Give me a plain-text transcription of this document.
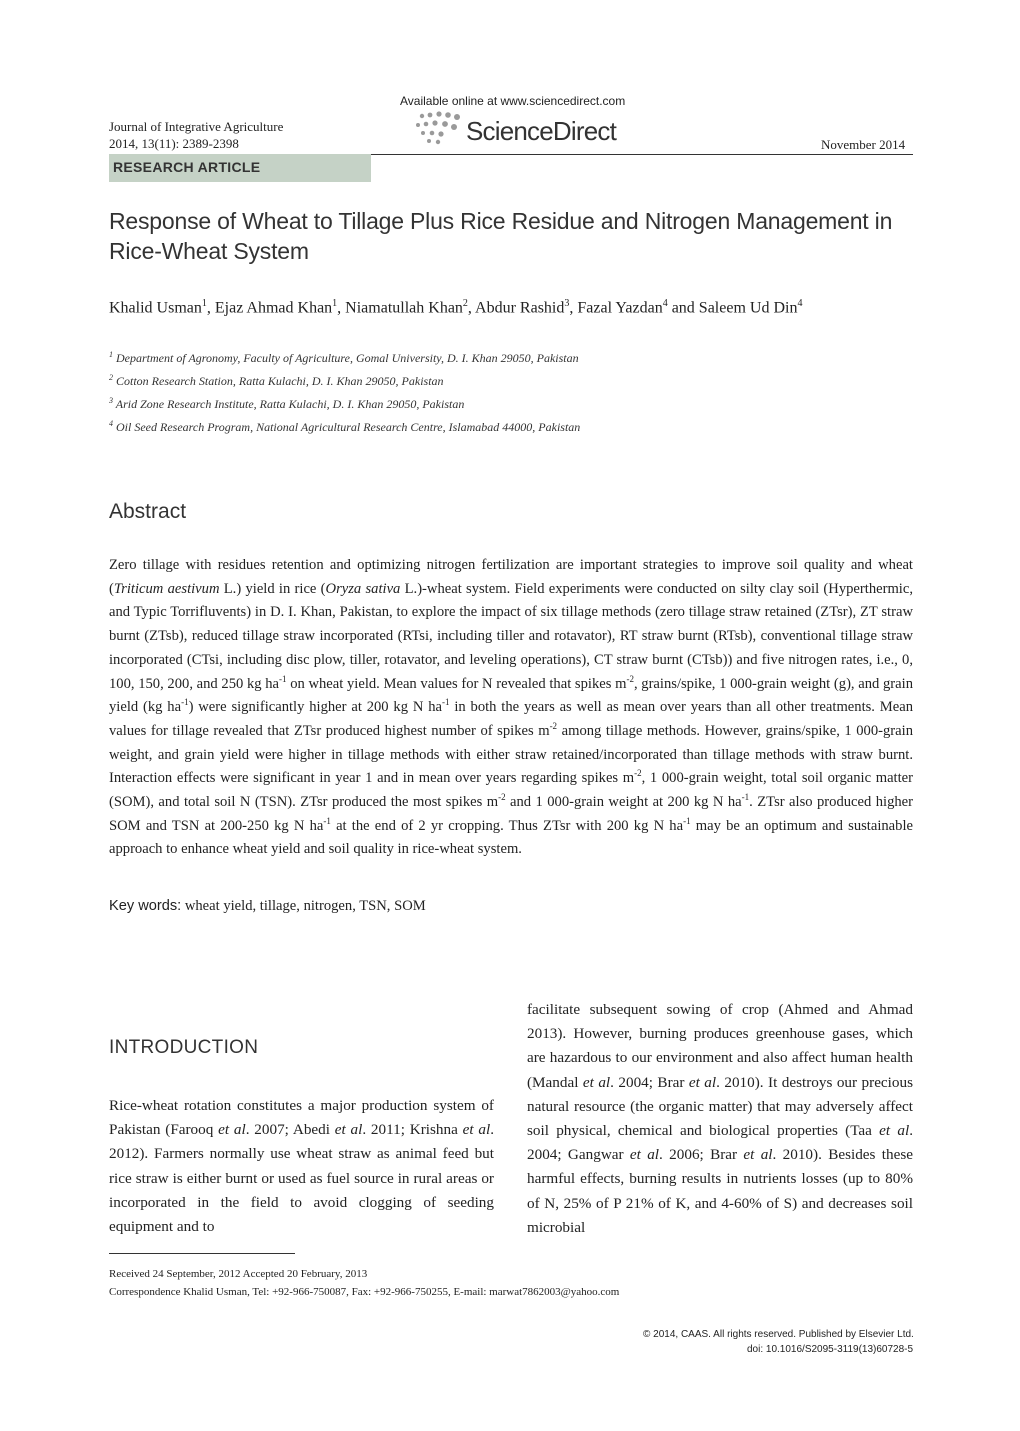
Available online at www.sciencedirect.com
Journal of Integrative Agriculture
2014, 13(11): 2389-2398	ScienceDirect	November 2014
RESEARCH ARTICLE
Response of Wheat to Tillage Plus Rice Residue and Nitrogen Management in Rice-Wheat System
Khalid Usman$^1$, Ejaz Ahmad Khan$^1$, Niamatullah Khan$^2$, Abdur Rashid$^3$, Fazal Yazdan$^4$ and Saleem Ud Din$^4$
$^1$ Department of Agronomy, Faculty of Agriculture, Gomal University, D. I. Khan 29050, Pakistan
$^2$ Cotton Research Station, Ratta Kulachi, D. I. Khan 29050, Pakistan
$^3$ Arid Zone Research Institute, Ratta Kulachi, D. I. Khan 29050, Pakistan
$^4$ Oil Seed Research Program, National Agricultural Research Centre, Islamabad 44000, Pakistan
Abstract
Zero tillage with residues retention and optimizing nitrogen fertilization are important strategies to improve soil quality and wheat (Triticum aestivum L.) yield in rice (Oryza sativa L.)-wheat system. Field experiments were conducted on silty clay soil (Hyperthermic, and Typic Torrifluvents) in D. I. Khan, Pakistan, to explore the impact of six tillage methods (zero tillage straw retained (ZTsr), ZT straw burnt (ZTsb), reduced tillage straw incorporated (RTsi, including tiller and rotavator), RT straw burnt (RTsb), conventional tillage straw incorporated (CTsi, including disc plow, tiller, rotavator, and leveling operations), CT straw burnt (CTsb)) and five nitrogen rates, i.e., 0, 100, 150, 200, and 250 kg $ha^{-1}$ on wheat yield. Mean values for N revealed that spikes $m^{-2}$, grains/spike, 1 000-grain weight (g), and grain yield (kg $ha^{-1}$) were significantly higher at 200 kg N $ha^{-1}$ in both the years as well as mean over years than all other treatments. Mean values for tillage revealed that ZTsr produced highest number of spikes $m^{-2}$ among tillage methods. However, grains/spike, 1 000-grain weight, and grain yield were higher in tillage methods with either straw retained/incorporated than tillage methods with straw burnt. Interaction effects were significant in year 1 and in mean over years regarding spikes $m^{-2}$, 1 000-grain weight, total soil organic matter (SOM), and total soil N (TSN). ZTsr produced the most spikes $m^{-2}$ and 1 000-grain weight at 200 kg N $ha^{-1}$. ZTsr also produced higher SOM and TSN at 200-250 kg N $ha^{-1}$ at the end of 2 yr cropping. Thus ZTsr with 200 kg N $ha^{-1}$ may be an optimum and sustainable approach to enhance wheat yield and soil quality in rice-wheat system.
Key words: wheat yield, tillage, nitrogen, TSN, SOM
INTRODUCTION
Rice-wheat rotation constitutes a major production system of Pakistan (Farooq et al. 2007; Abedi et al. 2011; Krishna et al. 2012). Farmers normally use wheat straw as animal feed but rice straw is either burnt or used as fuel source in rural areas or incorporated in the field to avoid clogging of seeding equipment and to
facilitate subsequent sowing of crop (Ahmed and Ahmad 2013). However, burning produces greenhouse gases, which are hazardous to our environment and also affect human health (Mandal et al. 2004; Brar et al. 2010). It destroys our precious natural resource (the organic matter) that may adversely affect soil physical, chemical and biological properties (Taa et al. 2004; Gangwar et al. 2006; Brar et al. 2010). Besides these harmful effects, burning results in nutrients losses (up to 80% of N, 25% of P 21% of K, and 4-60% of S) and decreases soil microbial
Received 24 September, 2012 Accepted 20 February, 2013
Correspondence Khalid Usman, Tel: +92-966-750087, Fax: +92-966-750255, E-mail: marwat7862003@yahoo.com
© 2014, CAAS. All rights reserved. Published by Elsevier Ltd.
doi: 10.1016/S2095-3119(13)60728-5
